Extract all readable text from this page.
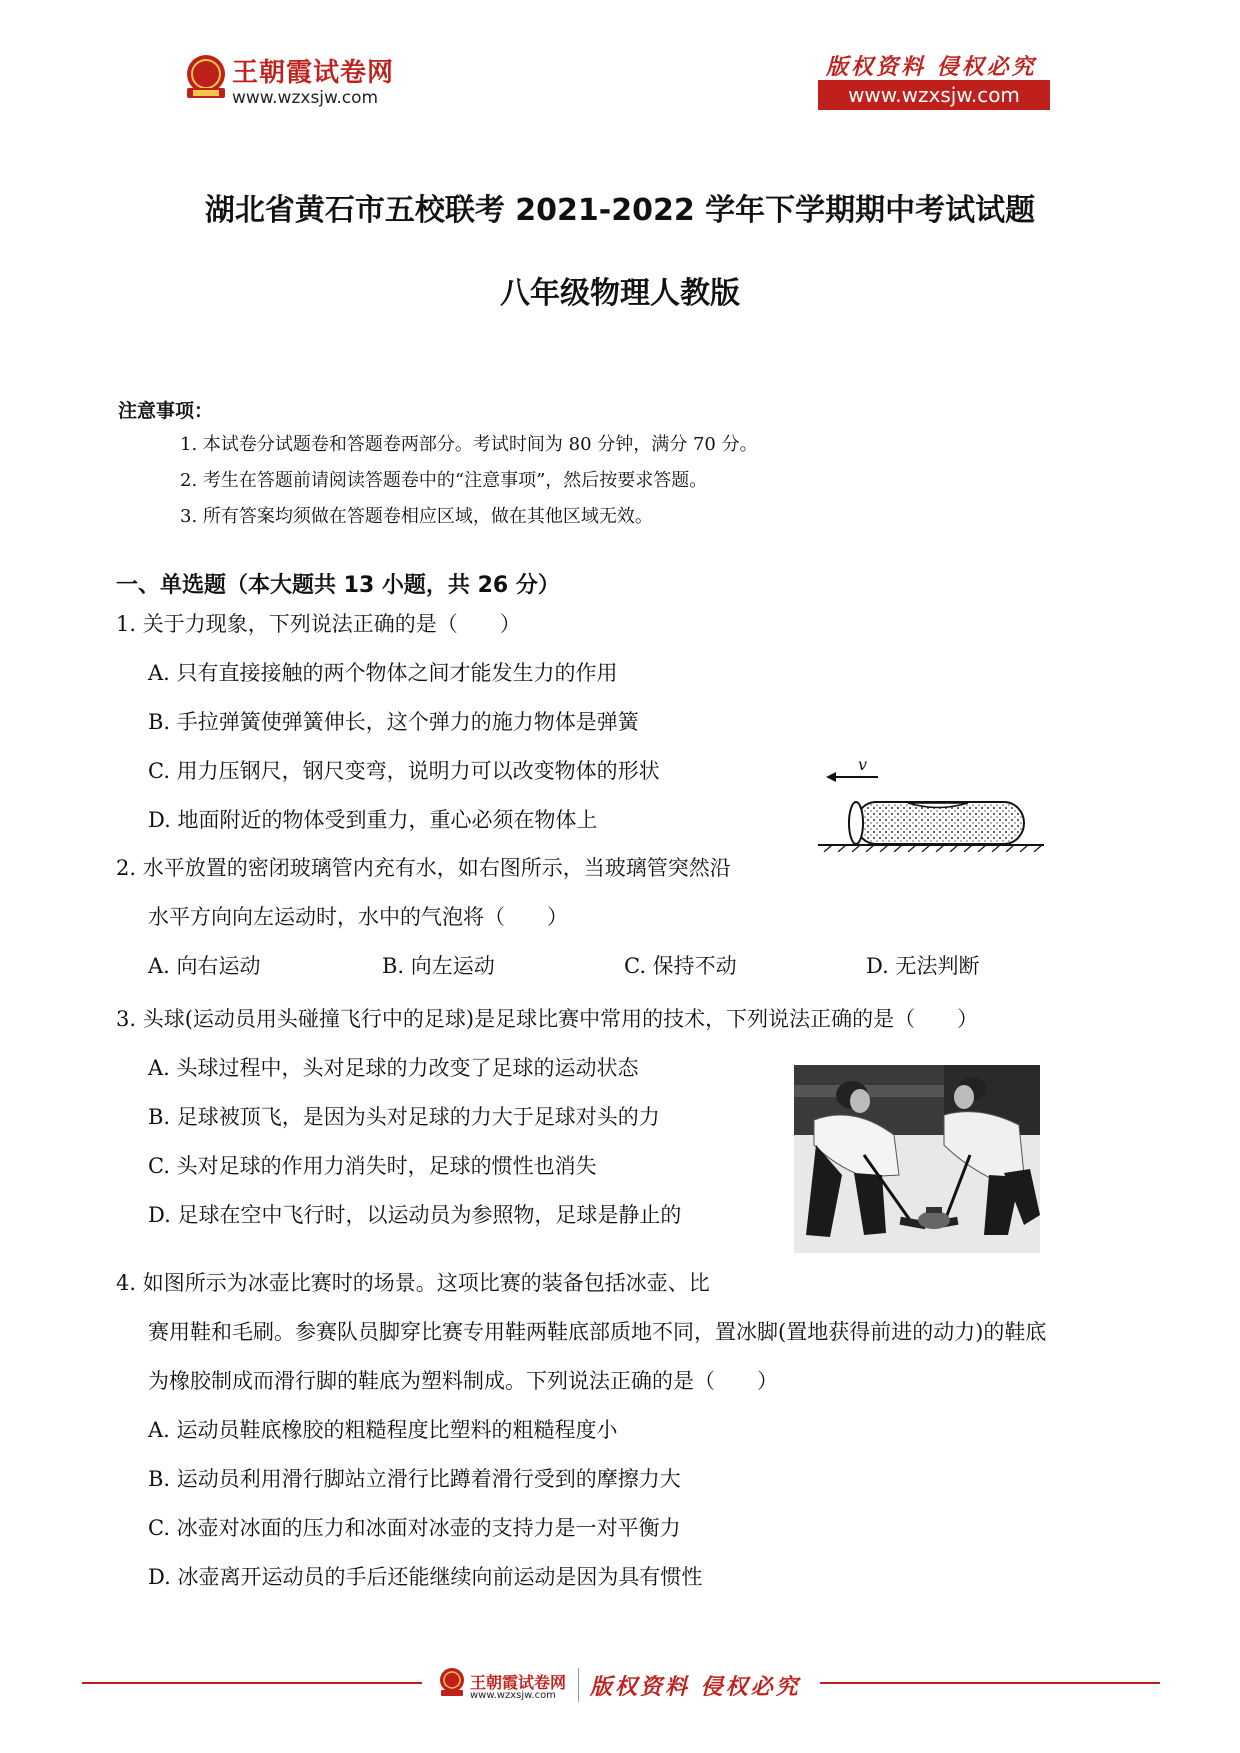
王朝霞试卷网
www.wzxsjw.com
版权资料 侵权必究
www.wzxsjw.com
湖北省黄石市五校联考 2021-2022 学年下学期期中考试试题
八年级物理人教版
注意事项：
1. 本试卷分试题卷和答题卷两部分。考试时间为 80 分钟，满分 70 分。
2. 考生在答题前请阅读答题卷中的“注意事项”，然后按要求答题。
3. 所有答案均须做在答题卷相应区域，做在其他区域无效。
一、单选题（本大题共 13 小题，共 26 分）
1. 关于力现象，下列说法正确的是（　　）
A. 只有直接接触的两个物体之间才能发生力的作用
B. 手拉弹簧使弹簧伸长，这个弹力的施力物体是弹簧
C. 用力压钢尺，钢尺变弯，说明力可以改变物体的形状
D. 地面附近的物体受到重力，重心必须在物体上
v
2. 水平放置的密闭玻璃管内充有水，如右图所示，当玻璃管突然沿
水平方向向左运动时，水中的气泡将（　　）
A. 向右运动	B. 向左运动	C. 保持不动	D. 无法判断
3. 头球(运动员用头碰撞飞行中的足球)是足球比赛中常用的技术，下列说法正确的是（　　）
A. 头球过程中，头对足球的力改变了足球的运动状态
B. 足球被顶飞，是因为头对足球的力大于足球对头的力
C. 头对足球的作用力消失时，足球的惯性也消失
D. 足球在空中飞行时，以运动员为参照物，足球是静止的
4. 如图所示为冰壶比赛时的场景。这项比赛的装备包括冰壶、比
赛用鞋和毛刷。参赛队员脚穿比赛专用鞋两鞋底部质地不同，置冰脚(置地获得前进的动力)的鞋底
为橡胶制成而滑行脚的鞋底为塑料制成。下列说法正确的是（　　）
A. 运动员鞋底橡胶的粗糙程度比塑料的粗糙程度小
B. 运动员利用滑行脚站立滑行比蹲着滑行受到的摩擦力大
C. 冰壶对冰面的压力和冰面对冰壶的支持力是一对平衡力
D. 冰壶离开运动员的手后还能继续向前运动是因为具有惯性
王朝霞试卷网
www.wzxsjw.com 版权资料 侵权必究
